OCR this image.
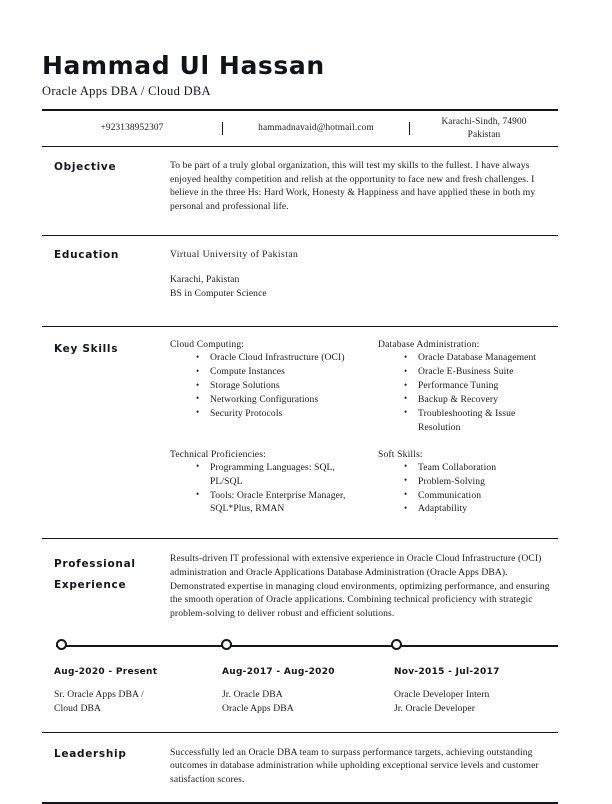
Hammad Ul Hassan
Oracle Apps DBA / Cloud DBA
+923138952307	hammadnavaid@hotmail.com
Karachi-Sindh, 74900
Pakistan
Objective	To be part of a truly global organization, this will test my skills to the fullest. I have always enjoyed healthy competition and relish at the opportunity to face new and fresh challenges. I believe in the three Hs: Hard Work, Honesty & Happiness and have applied these in both my personal and professional life.

Education	Virtual University of Pakistan

Karachi, Pakistan

BS in Computer Science

Key Skills	Cloud Computing:
• Oracle Cloud Infrastructure (OCI)
• Compute Instances
• Storage Solutions
• Networking Configurations
• Security Protocols
Database Administration:
• Oracle Database Management
• Oracle E-Business Suite
• Performance Tuning
• Backup & Recovery
• Troubleshooting & Issue Resolution
Technical Proficiencies:
• Programming Languages: SQL, PL/SQL
• Tools: Oracle Enterprise Manager, SQL*Plus, RMAN
Soft Skills:
• Team Collaboration
• Problem-Solving
• Communication
• Adaptability
Professional
Experience

Results-driven IT professional with extensive experience in Oracle Cloud Infrastructure (OCI) administration and Oracle Applications Database Administration (Oracle Apps DBA). Demonstrated expertise in managing cloud environments, optimizing performance, and ensuring the smooth operation of Oracle applications. Combining technical proficiency with strategic problem-solving to deliver robust and efficient solutions.

Aug-2020 - Present
Sr. Oracle Apps DBA /
Cloud DBA
Aug-2017 - Aug-2020
Jr. Oracle DBA
Oracle Apps DBA
Nov-2015 - Jul-2017
Oracle Developer Intern
Jr. Oracle Developer
Leadership	Successfully led an Oracle DBA team to surpass performance targets, achieving outstanding outcomes in database administration while upholding exceptional service levels and customer satisfaction scores.
